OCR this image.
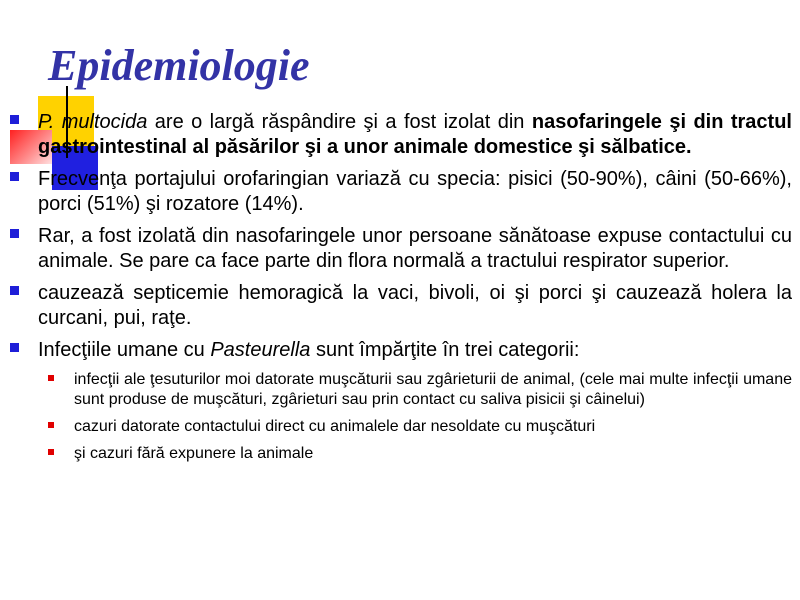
Epidemiologie
P. multocida are o largă răspândire şi a fost izolat din nasofaringele şi din tractul gastrointestinal al păsărilor şi a unor animale domestice şi sălbatice.
Frecvenţa portajului orofaringian variază cu specia: pisici (50-90%), câini (50-66%), porci (51%) şi rozatore (14%).
Rar, a fost izolată din nasofaringele unor persoane sănătoase expuse contactului cu animale. Se pare ca face parte din flora normală a tractului respirator superior.
cauzează septicemie hemoragică la vaci, bivoli, oi şi porci şi cauzează holera la curcani, pui, raţe.
Infecţiile umane cu Pasteurella sunt împărţite în trei categorii:
infecţii ale ţesuturilor moi datorate muşcăturii sau zgârieturii de animal, (cele mai multe infecţii umane sunt produse de muşcături, zgârieturi sau prin contact cu saliva pisicii şi câinelui)
cazuri datorate contactului direct cu animalele dar nesoldate cu muşcături
şi cazuri fără expunere la animale
